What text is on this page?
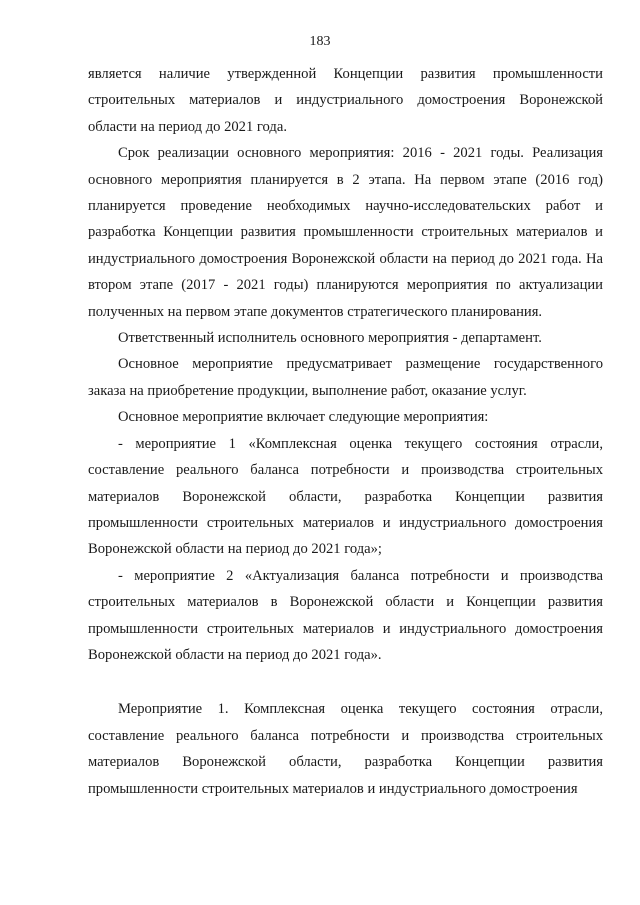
183

является наличие утвержденной Концепции развития промышленности строительных материалов и индустриального домостроения Воронежской области на период до 2021 года.

Срок реализации основного мероприятия: 2016 - 2021 годы. Реализация основного мероприятия планируется в 2 этапа. На первом этапе (2016 год) планируется проведение необходимых научно-исследовательских работ и разработка Концепции развития промышленности строительных материалов и индустриального домостроения Воронежской области на период до 2021 года. На втором этапе (2017 - 2021 годы) планируются мероприятия по актуализации полученных на первом этапе документов стратегического планирования.

Ответственный исполнитель основного мероприятия - департамент.

Основное мероприятие предусматривает размещение государственного заказа на приобретение продукции, выполнение работ, оказание услуг.

Основное мероприятие включает следующие мероприятия:

- мероприятие 1 «Комплексная оценка текущего состояния отрасли, составление реального баланса потребности и производства строительных материалов Воронежской области, разработка Концепции развития промышленности строительных материалов и индустриального домостроения Воронежской области на период до 2021 года»;

- мероприятие 2 «Актуализация баланса потребности и производства строительных материалов в Воронежской области и Концепции развития промышленности строительных материалов и индустриального домостроения Воронежской области на период до 2021 года».

Мероприятие 1. Комплексная оценка текущего состояния отрасли, составление реального баланса потребности и производства строительных материалов Воронежской области, разработка Концепции развития промышленности строительных материалов и индустриального домостроения
